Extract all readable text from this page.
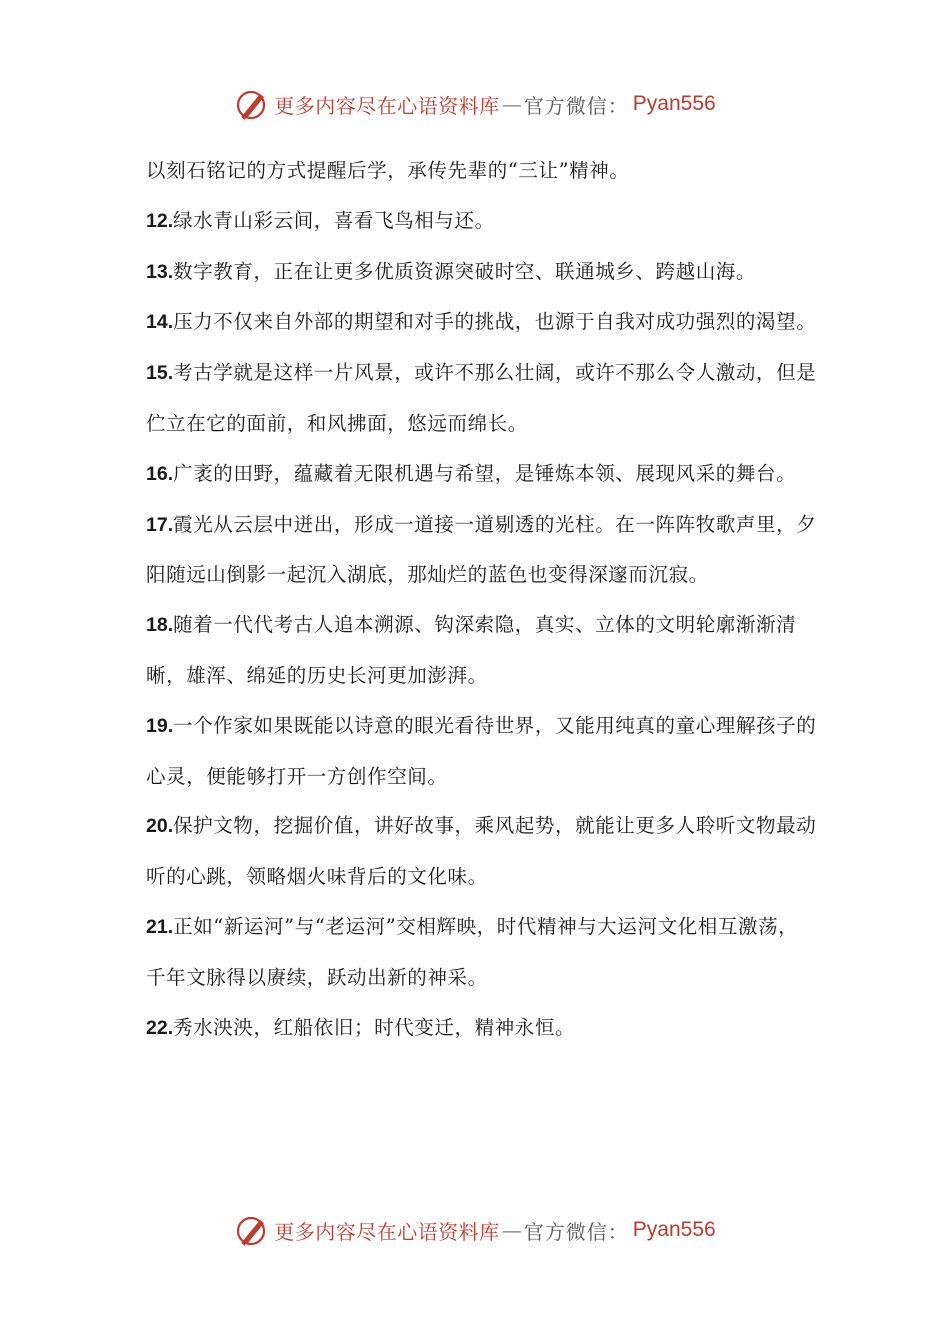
更多内容尽在心语资料库 — 官方微信： Pyan556

以刻石铭记的方式提醒后学，承传先辈的“三让”精神。

12.绿水青山彩云间，喜看飞鸟相与还。

13.数字教育，正在让更多优质资源突破时空、联通城乡、跨越山海。

14.压力不仅来自外部的期望和对手的挑战，也源于自我对成功强烈的渴望。

15.考古学就是这样一片风景，或许不那么壮阔，或许不那么令人激动，但是伫立在它的面前，和风拂面，悠远而绵长。

16.广袤的田野，蕴藏着无限机遇与希望，是锤炼本领、展现风采的舞台。

17.霞光从云层中迸出，形成一道接一道剔透的光柱。在一阵阵牧歌声里，夕阳随远山倒影一起沉入湖底，那灿烂的蓝色也变得深邃而沉寂。

18.随着一代代考古人追本溯源、钩深索隐，真实、立体的文明轮廓渐渐清晰，雄浑、绵延的历史长河更加澎湃。

19.一个作家如果既能以诗意的眼光看待世界，又能用纯真的童心理解孩子的心灵，便能够打开一方创作空间。

20.保护文物，挖掘价值，讲好故事，乘风起势，就能让更多人聆听文物最动听的心跳，领略烟火味背后的文化味。

21.正如“新运河”与“老运河”交相辉映，时代精神与大运河文化相互激荡，千年文脉得以赓续，跃动出新的神采。

22.秀水泱泱，红船依旧；时代变迁，精神永恒。

更多内容尽在心语资料库 — 官方微信： Pyan556
